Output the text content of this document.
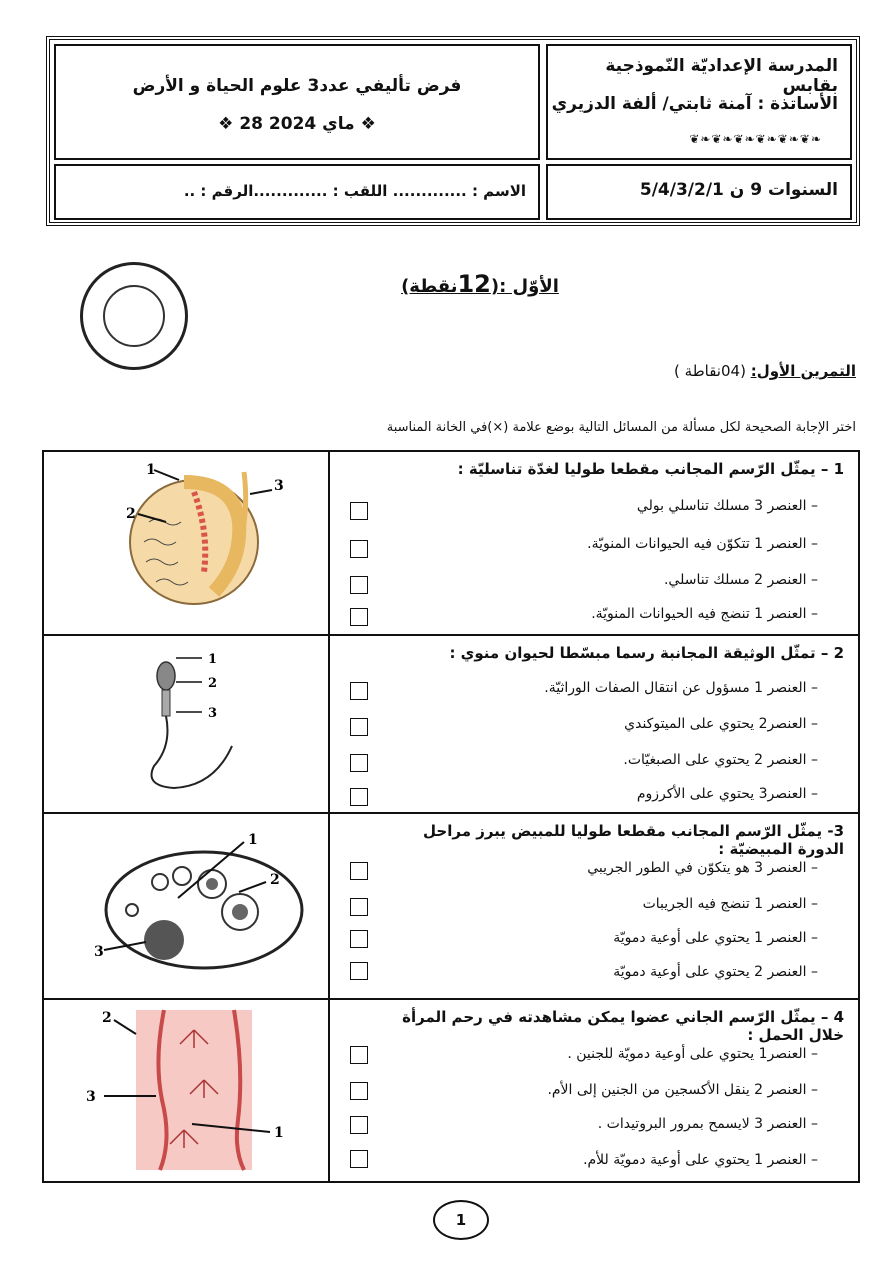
المدرسة الإعداديّة النّموذجية بقابس
الأساتذة : آمنة ثابتي/ ألفة الدزيري
❦❧❦❧❦❧❦❧❦❧❦❧
فرض تأليفي عدد3 علوم الحياة و الأرض
❖ 28 ماي 2024 ❖
السنوات 9 ن 5/4/3/2/1
الاسم : ............. اللقب : .............الرقم : ..
الأوّل :(12نقطة)
التمرين الأول: (04نقاطة )
اختر الإجابة الصحيحة لكل مسألة من المسائل التالية بوضع علامة (×)في الخانة المناسبة
1
2
3
1 – يمثّل الرّسم المجانب مقطعا طوليا لغدّة تناسليّة :
– العنصر 3 مسلك تناسلي بولي
– العنصر 1 تتكوّن فيه الحيوانات المنويّة.
– العنصر 2 مسلك تناسلي.
– العنصر 1 تنضج فيه الحيوانات المنويّة.
1
2
3
2 – تمثّل الوثيقة المجانبة رسما مبسّطا لحيوان منوي :
– العنصر 1 مسؤول عن انتقال الصفات الوراثيّة.
– العنصر2 يحتوي على الميتوكندي
– العنصر 2 يحتوي على الصبغيّات.
– العنصر3 يحتوي على الأكرزوم
1
2
3
3- يمثّل الرّسم المجانب مقطعا طوليا للمبيض يبرز مراحل الدورة المبيضيّة :
– العنصر 3 هو يتكوّن في الطور الجريبي
– العنصر 1 تنضج فيه الجريبات
– العنصر 1 يحتوي على أوعية دمويّة
– العنصر 2 يحتوي على أوعية دمويّة
2
3
1
4 – يمثّل الرّسم الجاني عضوا يمكن مشاهدته في رحم المرأة خلال الحمل :
– العنصر1 يحتوي على أوعية دمويّة للجنين .
– العنصر 2 ينقل الأكسجين من الجنين إلى الأم.
– العنصر 3 لايسمح بمرور البروتيدات .
– العنصر 1 يحتوي على أوعية دمويّة للأم.
1
